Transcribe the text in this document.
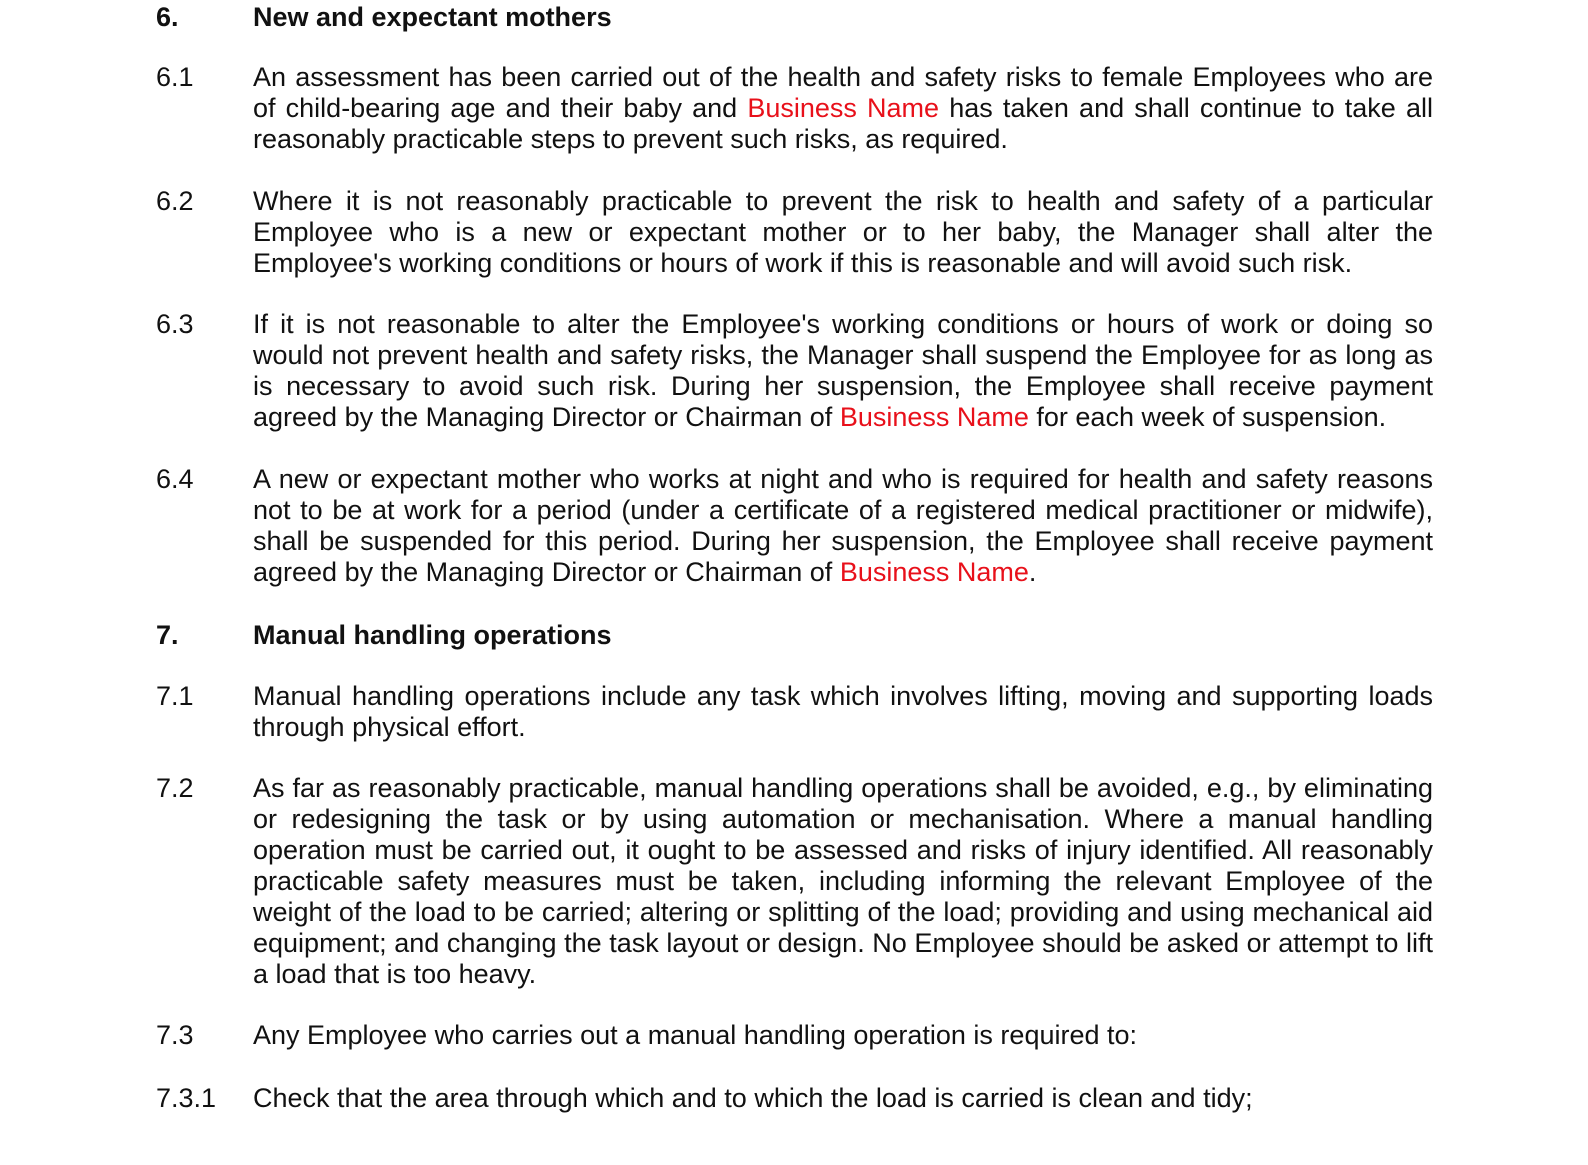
6.	New and expectant mothers
6.1 An assessment has been carried out of the health and safety risks to female Employees who are of child-bearing age and their baby and Business Name has taken and shall continue to take all reasonably practicable steps to prevent such risks, as required.
6.2 Where it is not reasonably practicable to prevent the risk to health and safety of a particular Employee who is a new or expectant mother or to her baby, the Manager shall alter the Employee's working conditions or hours of work if this is reasonable and will avoid such risk.
6.3 If it is not reasonable to alter the Employee's working conditions or hours of work or doing so would not prevent health and safety risks, the Manager shall suspend the Employee for as long as is necessary to avoid such risk. During her suspension, the Employee shall receive payment agreed by the Managing Director or Chairman of Business Name for each week of suspension.
6.4 A new or expectant mother who works at night and who is required for health and safety reasons not to be at work for a period (under a certificate of a registered medical practitioner or midwife), shall be suspended for this period. During her suspension, the Employee shall receive payment agreed by the Managing Director or Chairman of Business Name.
7.	Manual handling operations
7.1 Manual handling operations include any task which involves lifting, moving and supporting loads through physical effort.
7.2 As far as reasonably practicable, manual handling operations shall be avoided, e.g., by eliminating or redesigning the task or by using automation or mechanisation. Where a manual handling operation must be carried out, it ought to be assessed and risks of injury identified. All reasonably practicable safety measures must be taken, including informing the relevant Employee of the weight of the load to be carried; altering or splitting of the load; providing and using mechanical aid equipment; and changing the task layout or design. No Employee should be asked or attempt to lift a load that is too heavy.
7.3 Any Employee who carries out a manual handling operation is required to:
7.3.1 Check that the area through which and to which the load is carried is clean and tidy;
